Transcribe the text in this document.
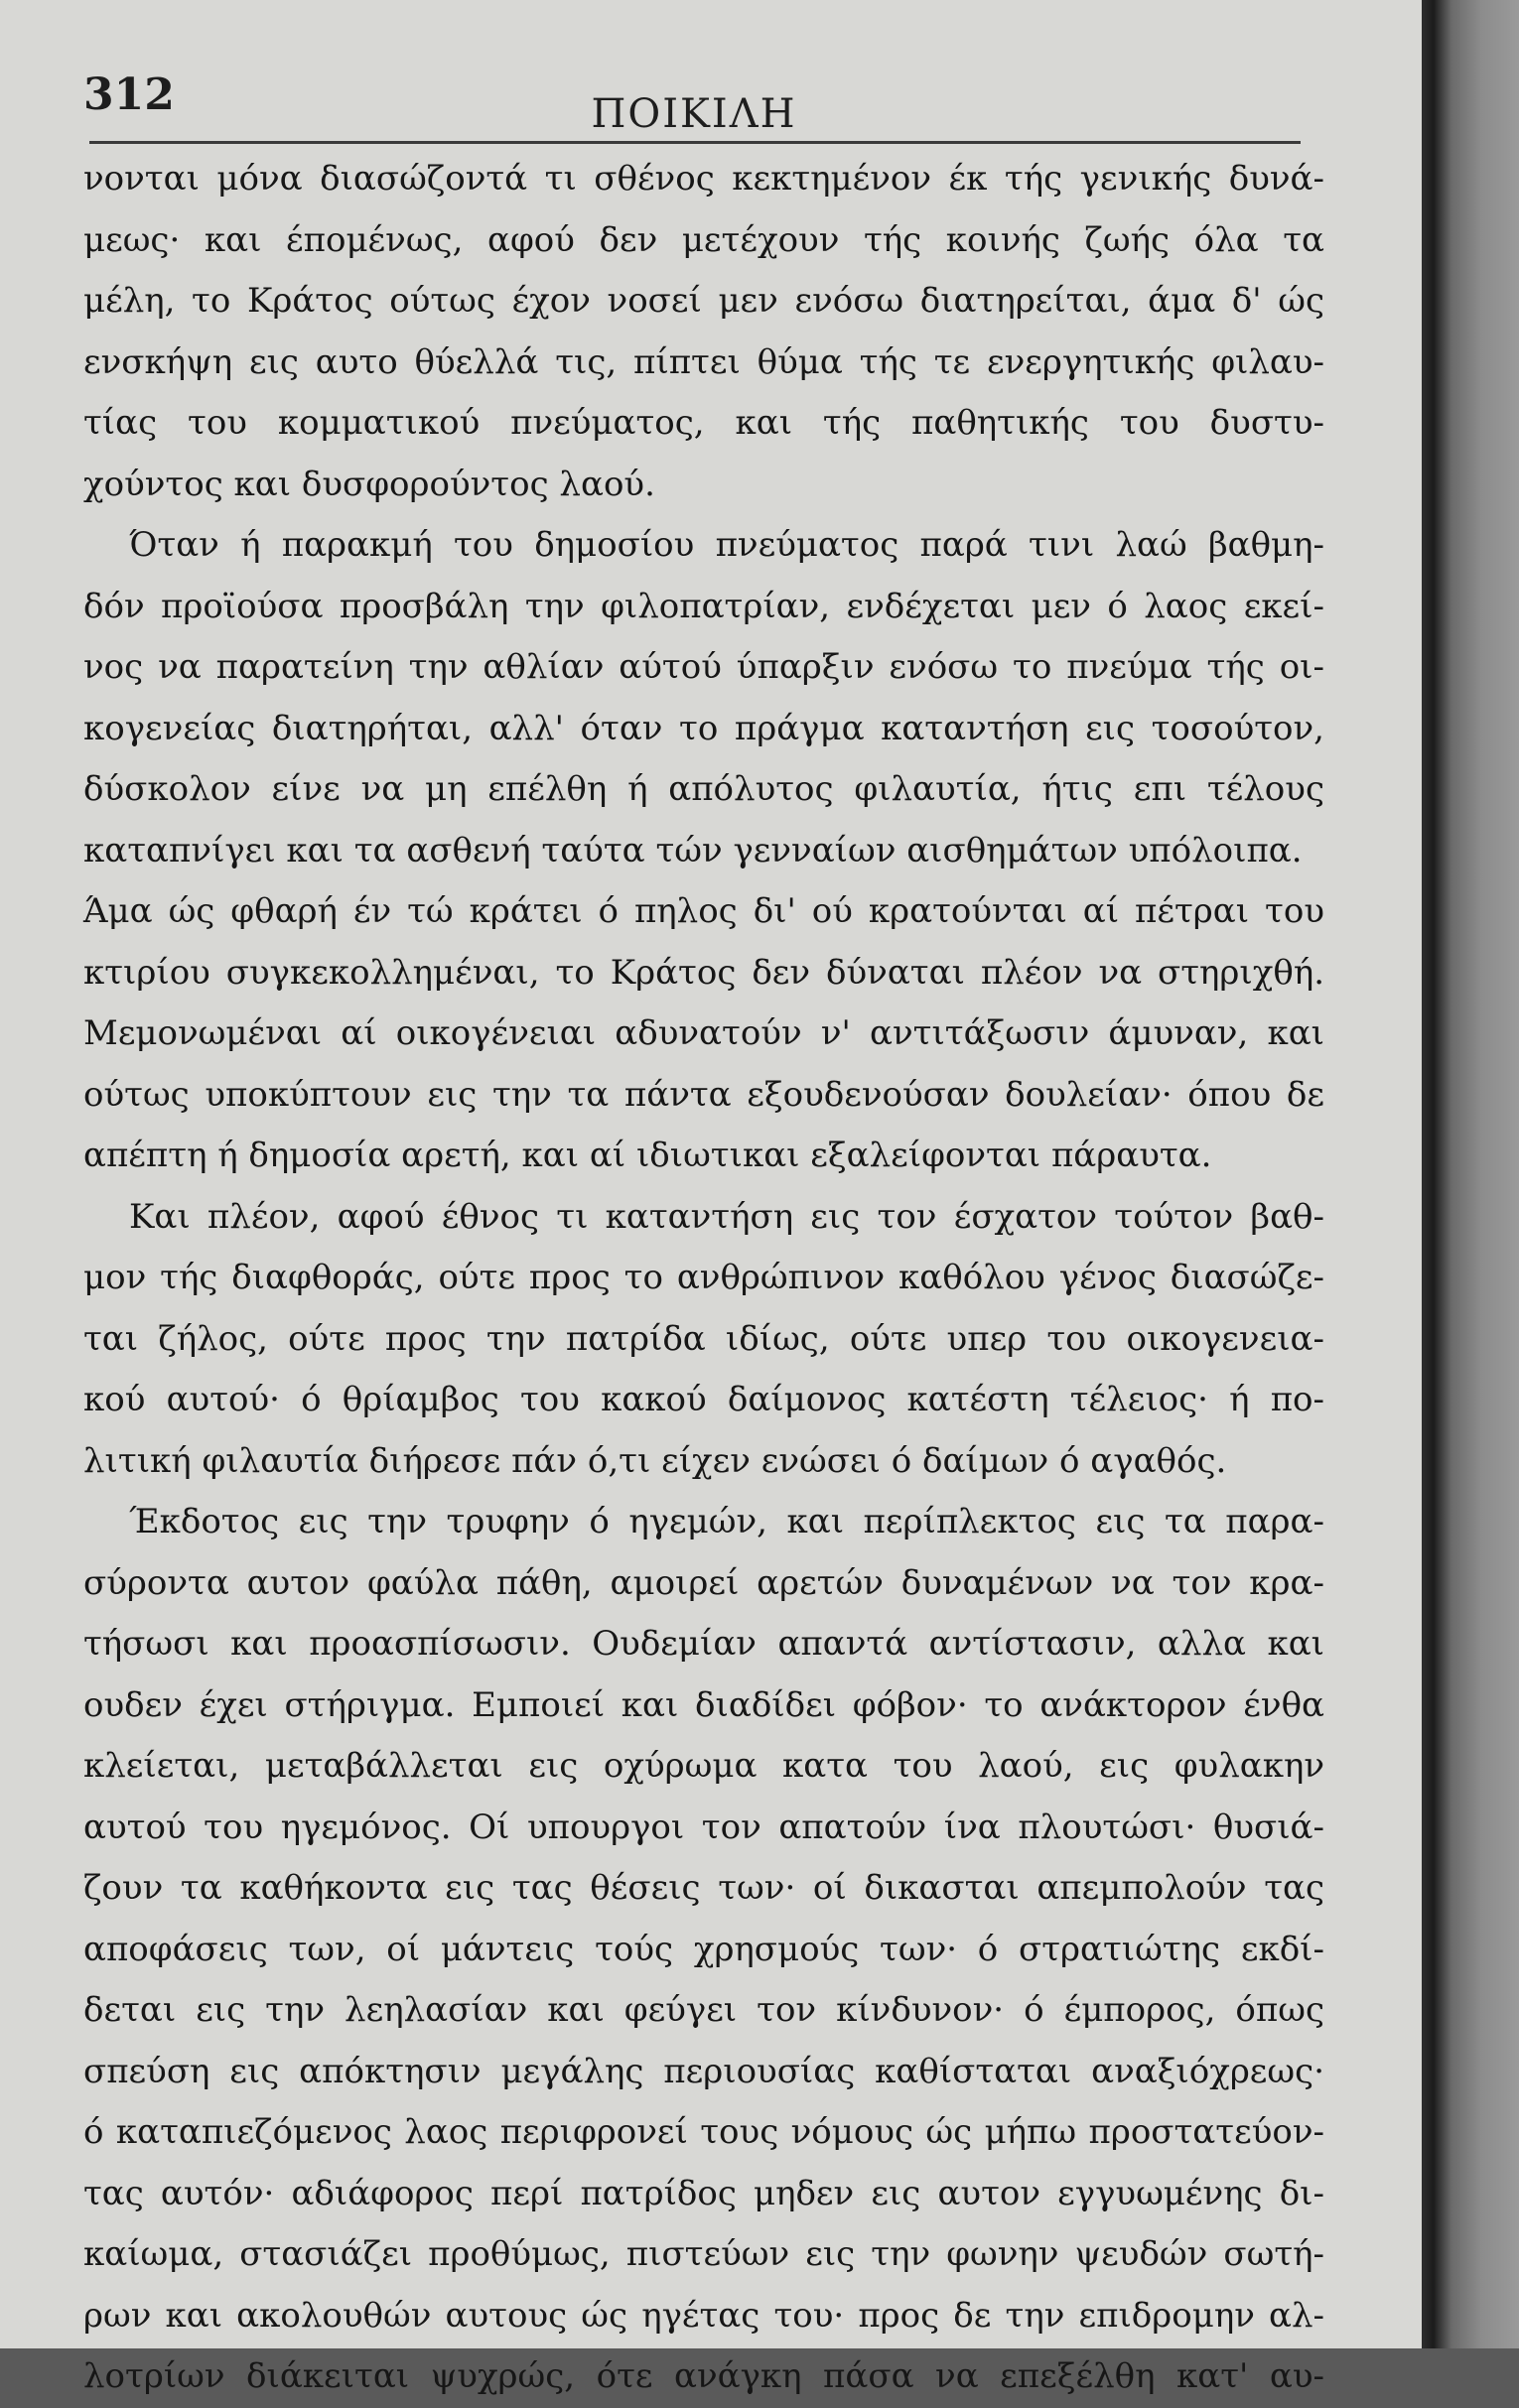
312	ΠΟΙΚΙΛΗ
νονται μόνα διασώζοντά τι σθένος κεκτημένον έκ τής γενικής δυνά-
μεως· και έπομένως, αφού δεν μετέχουν τής κοινής ζωής όλα τα
μέλη, το Κράτος ούτως έχον νοσεί μεν ενόσω διατηρείται, άμα δ' ώς
ενσκήψη εις αυτο θύελλά τις, πίπτει θύμα τής τε ενεργητικής φιλαυ-
τίας του κομματικού πνεύματος, και τής παθητικής του δυστυ-
χούντος και δυσφορούντος λαού.
Όταν ή παρακμή του δημοσίου πνεύματος παρά τινι λαώ βαθμη-
δόν προϊούσα προσβάλη την φιλοπατρίαν, ενδέχεται μεν ό λαος εκεί-
νος να παρατείνη την αθλίαν αύτού ύπαρξιν ενόσω το πνεύμα τής οι-
κογενείας διατηρήται, αλλ' όταν το πράγμα καταντήση εις τοσούτον,
δύσκολον είνε να μη επέλθη ή απόλυτος φιλαυτία, ήτις επι τέλους
καταπνίγει και τα ασθενή ταύτα τών γενναίων αισθημάτων υπόλοιπα.
Άμα ώς φθαρή έν τώ κράτει ό πηλος δι' ού κρατούνται αί πέτραι του
κτιρίου συγκεκολλημέναι, το Κράτος δεν δύναται πλέον να στηριχθή.
Μεμονωμέναι αί οικογένειαι αδυνατούν ν' αντιτάξωσιν άμυναν, και
ούτως υποκύπτουν εις την τα πάντα εξουδενούσαν δουλείαν· όπου δε
απέπτη ή δημοσία αρετή, και αί ιδιωτικαι εξαλείφονται πάραυτα.
Και πλέον, αφού έθνος τι καταντήση εις τον έσχατον τούτον βαθ-
μον τής διαφθοράς, ούτε προς το ανθρώπινον καθόλου γένος διασώζε-
ται ζήλος, ούτε προς την πατρίδα ιδίως, ούτε υπερ του οικογενεια-
κού αυτού· ό θρίαμβος του κακού δαίμονος κατέστη τέλειος· ή πο-
λιτική φιλαυτία διήρεσε πάν ό,τι είχεν ενώσει ό δαίμων ό αγαθός.
Έκδοτος εις την τρυφην ό ηγεμών, και περίπλεκτος εις τα παρα-
σύροντα αυτον φαύλα πάθη, αμοιρεί αρετών δυναμένων να τον κρα-
τήσωσι και προασπίσωσιν. Ουδεμίαν απαντά αντίστασιν, αλλα και
ουδεν έχει στήριγμα. Εμποιεί και διαδίδει φόβον· το ανάκτορον ένθα
κλείεται, μεταβάλλεται εις οχύρωμα κατα του λαού, εις φυλακην
αυτού του ηγεμόνος. Οί υπουργοι τον απατούν ίνα πλουτώσι· θυσιά-
ζουν τα καθήκοντα εις τας θέσεις των· οί δικασται απεμπολούν τας
αποφάσεις των, οί μάντεις τούς χρησμούς των· ό στρατιώτης εκδί-
δεται εις την λεηλασίαν και φεύγει τον κίνδυνον· ό έμπορος, όπως
σπεύση εις απόκτησιν μεγάλης περιουσίας καθίσταται αναξιόχρεως·
ό καταπιεζόμενος λαος περιφρονεί τους νόμους ώς μήπω προστατεύον-
τας αυτόν· αδιάφορος περί πατρίδος μηδεν εις αυτον εγγυωμένης δι-
καίωμα, στασιάζει προθύμως, πιστεύων εις την φωνην ψευδών σωτή-
ρων και ακολουθών αυτους ώς ηγέτας του· προς δε την επιδρομην αλ-
λοτρίων διάκειται ψυχρώς, ότε ανάγκη πάσα να επεξέλθη κατ' αυ-
